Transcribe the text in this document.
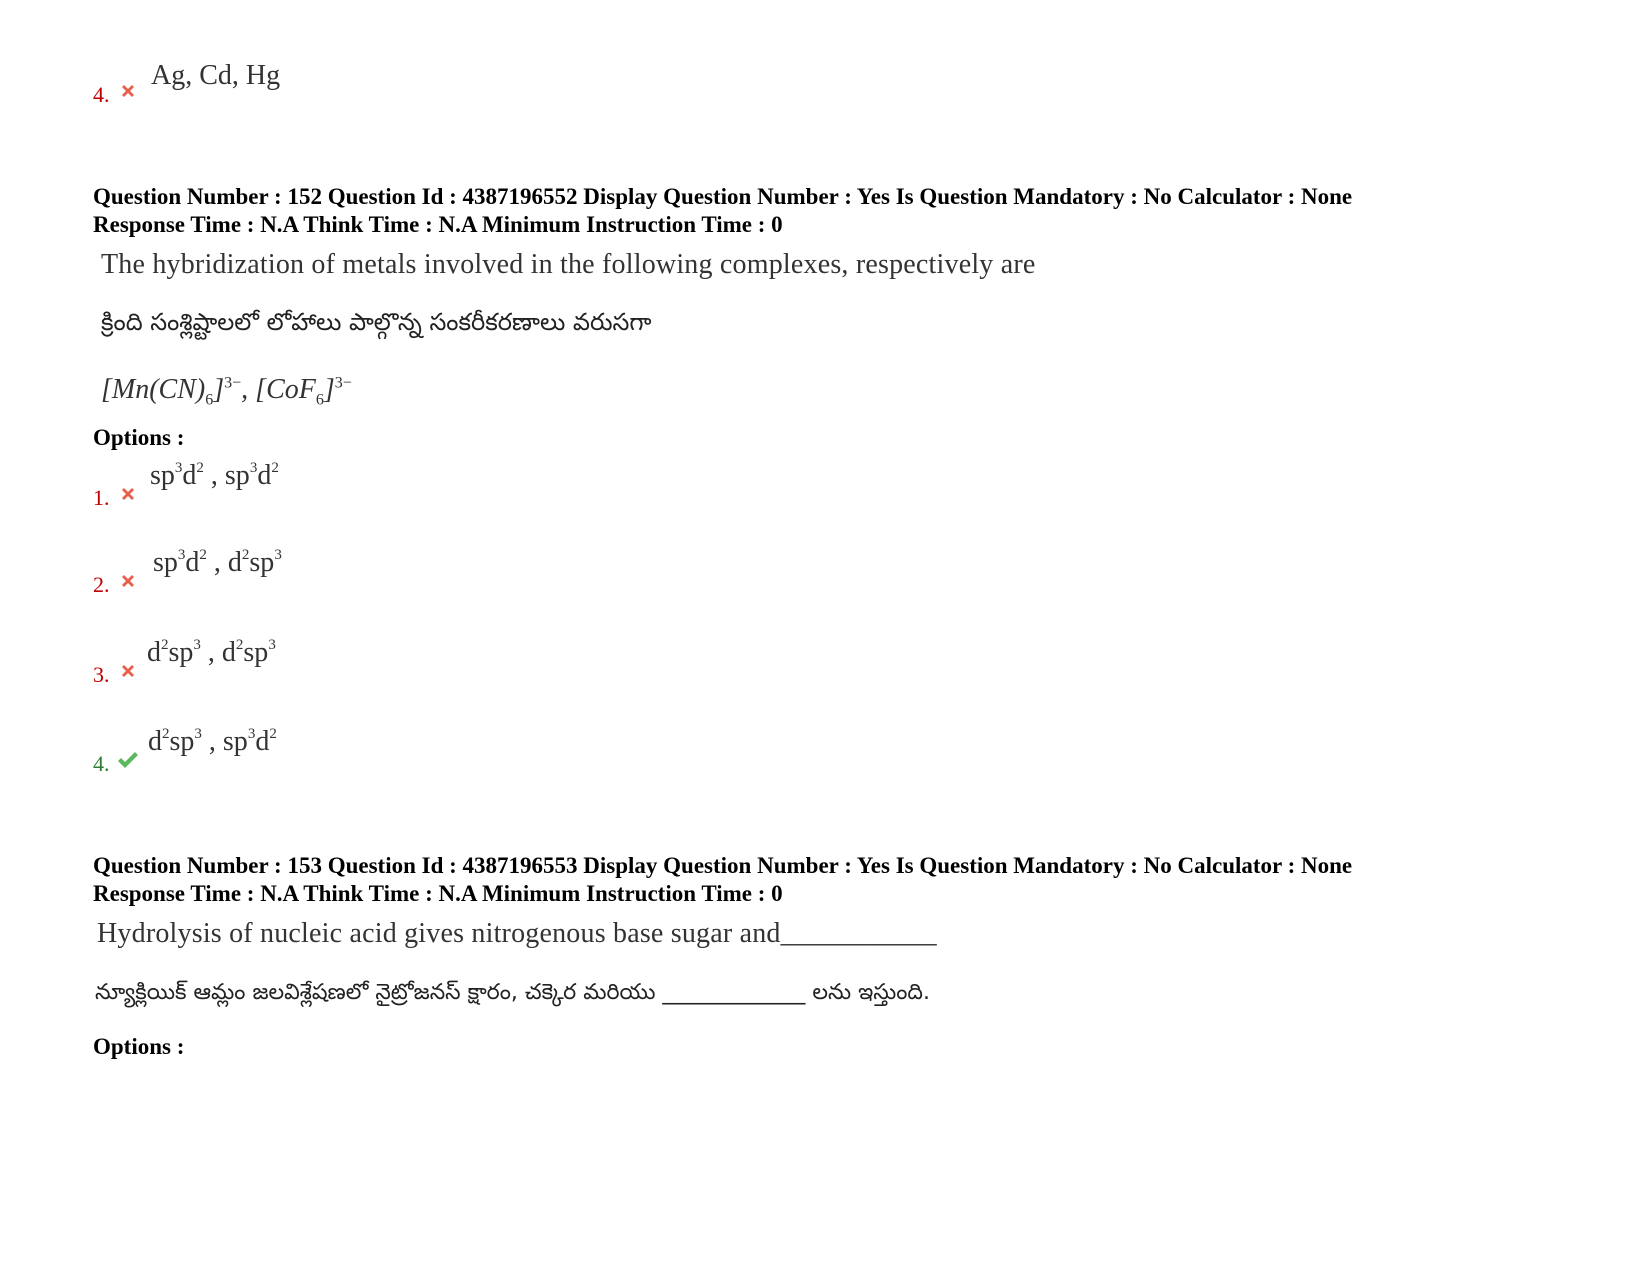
4.
Ag, Cd, Hg
Question Number : 152 Question Id : 4387196552 Display Question Number : Yes Is Question Mandatory : No Calculator : None
Response Time : N.A Think Time : N.A Minimum Instruction Time : 0
The hybridization of metals involved in the following complexes, respectively are
క్రింది సంశ్లిష్టాలలో లోహాలు పాల్గొన్న సంకరీకరణాలు వరుసగా
$[Mn(CN)_6]^{3-}$, $[CoF_6]^{3-}$
Options :
1.
$sp^3d^2$ , $sp^3d^2$
2.
$sp^3d^2$ , $d^2sp^3$
3.
$d^2sp^3$ , $d^2sp^3$
4.
$d^2sp^3$ , $sp^3d^2$
Question Number : 153 Question Id : 4387196553 Display Question Number : Yes Is Question Mandatory : No Calculator : None
Response Time : N.A Think Time : N.A Minimum Instruction Time : 0
Hydrolysis of nucleic acid gives nitrogenous base sugar and___________
న్యూక్లియిక్ ఆమ్లం జలవిశ్లేషణలో నైట్రోజనస్ క్షారం, చక్కెర మరియు _____________ లను ఇస్తుంది.
Options :
